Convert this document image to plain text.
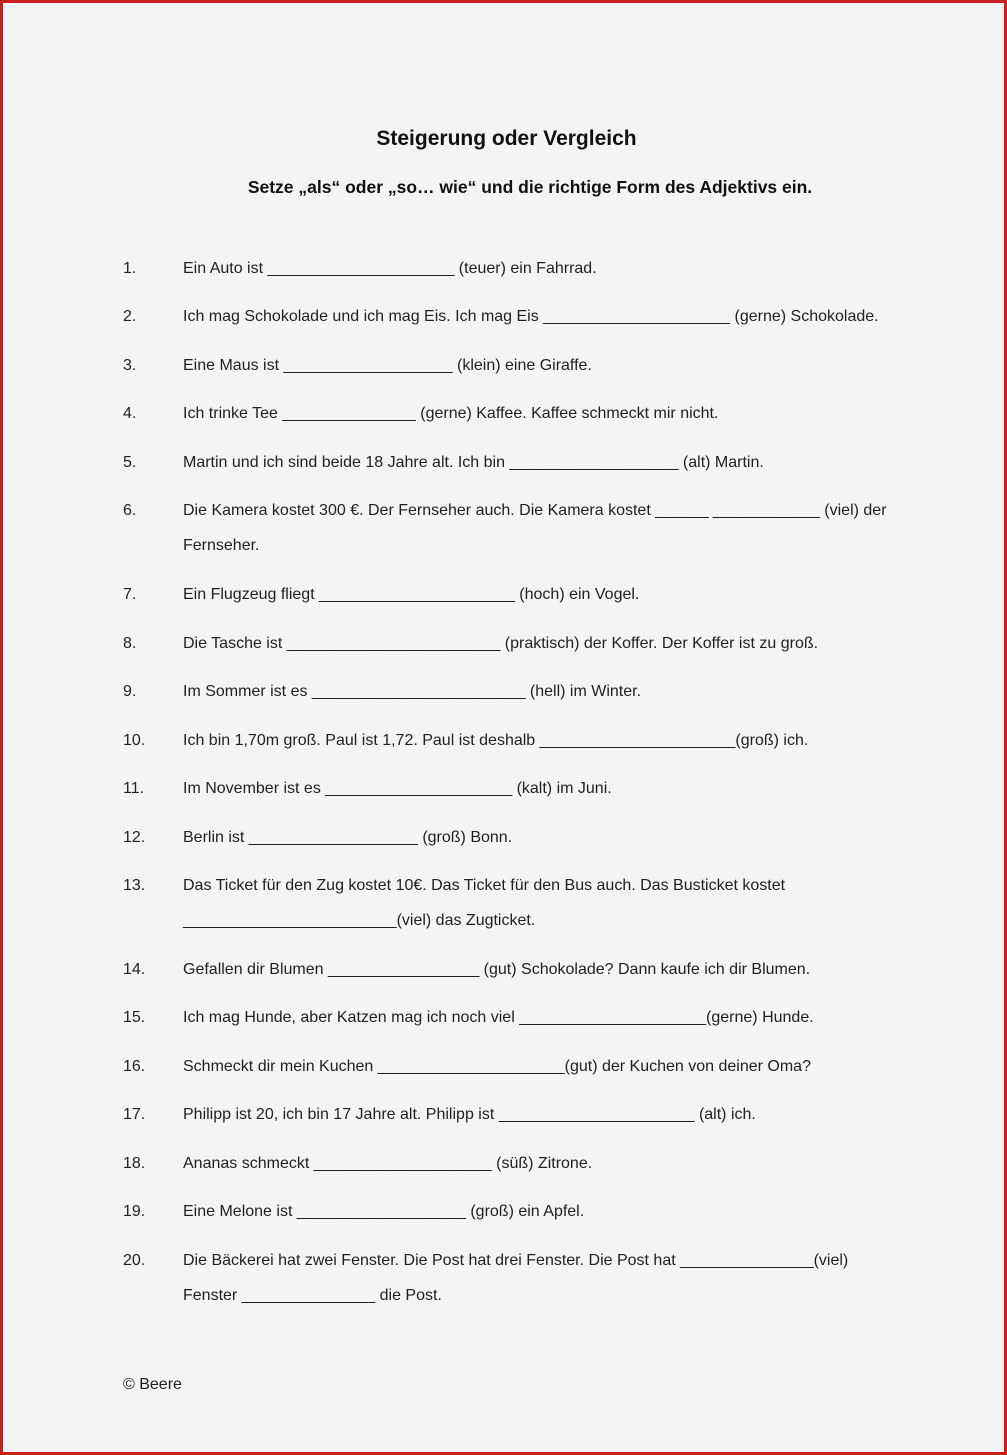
Steigerung oder Vergleich
Setze „als“ oder „so… wie“ und die richtige Form des Adjektivs ein.
1.	Ein Auto ist _____________________ (teuer) ein Fahrrad.
2.	Ich mag Schokolade und ich mag Eis. Ich mag Eis _____________________ (gerne) Schokolade.
3.	Eine Maus ist ___________________ (klein) eine Giraffe.
4.	Ich trinke Tee _______________ (gerne) Kaffee. Kaffee schmeckt mir nicht.
5.	Martin und ich sind beide 18 Jahre alt. Ich bin ___________________ (alt) Martin.
6.	Die Kamera kostet 300 €. Der Fernseher auch. Die Kamera kostet ______ ____________ (viel) der
Fernseher.
7.	Ein Flugzeug fliegt ______________________ (hoch) ein Vogel.
8.	Die Tasche ist ________________________ (praktisch) der Koffer. Der Koffer ist zu groß.
9.	Im Sommer ist es ________________________ (hell) im Winter.
10. Ich bin 1,70m groß. Paul ist 1,72. Paul ist deshalb ______________________(groß) ich.
11. Im November ist es _____________________ (kalt) im Juni.
12. Berlin ist ___________________ (groß) Bonn.
13. Das Ticket für den Zug kostet 10€. Das Ticket für den Bus auch. Das Busticket kostet
________________________(viel) das Zugticket.
14. Gefallen dir Blumen _________________ (gut) Schokolade? Dann kaufe ich dir Blumen.
15. Ich mag Hunde, aber Katzen mag ich noch viel _____________________(gerne) Hunde.
16. Schmeckt dir mein Kuchen _____________________(gut) der Kuchen von deiner Oma?
17. Philipp ist 20, ich bin 17 Jahre alt. Philipp ist ______________________ (alt) ich.
18. Ananas schmeckt ____________________ (süß) Zitrone.
19. Eine Melone ist ___________________ (groß) ein Apfel.
20. Die Bäckerei hat zwei Fenster. Die Post hat drei Fenster. Die Post hat _______________(viel)
Fenster _______________ die Post.
© Beere
